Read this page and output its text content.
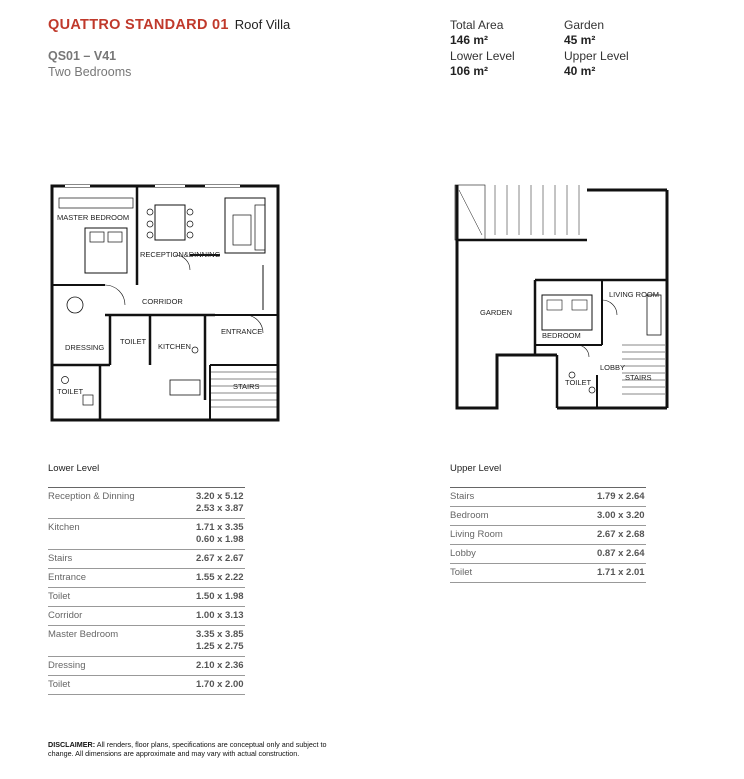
QUATTRO STANDARD 01 Roof Villa
QS01 – V41
Two Bedrooms
Total Area
146 m²
Garden
45 m²
Lower Level
106 m²
Upper Level
40 m²
MASTER BEDROOM
RECEPTION&DINNING
CORRIDOR
ENTRANCE
DRESSING
TOILET
KITCHEN
TOILET
STAIRS
GARDEN
LIVING ROOM
BEDROOM
LOBBY
TOILET
STAIRS
Lower Level
Reception & Dinning	3.20 x 5.12
2.53 x 3.87
Kitchen	1.71 x 3.35
0.60 x 1.98
Stairs	2.67 x 2.67
Entrance	1.55 x 2.22
Toilet	1.50 x 1.98
Corridor	1.00 x 3.13
Master Bedroom	3.35 x 3.85
1.25 x 2.75
Dressing	2.10 x 2.36
Toilet	1.70 x 2.00
Upper Level
Stairs	1.79 x 2.64
Bedroom	3.00 x 3.20
Living Room	2.67 x 2.68
Lobby	0.87 x 2.64
Toilet	1.71 x 2.01
DISCLAIMER: All renders, floor plans, specifications are conceptual only and subject to change. All dimensions are approximate and may vary with actual construction.
